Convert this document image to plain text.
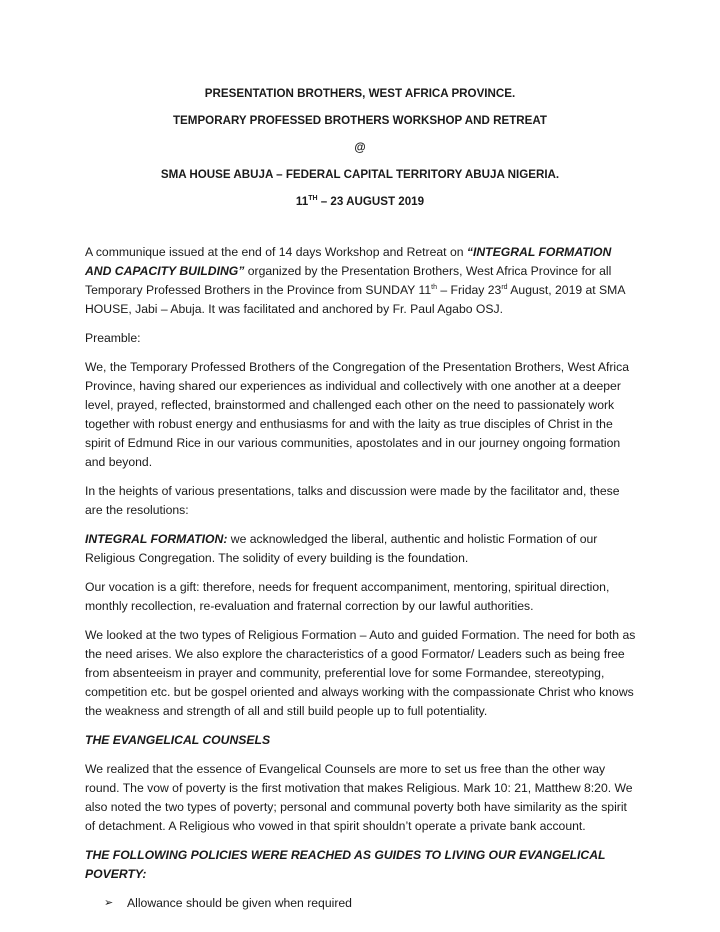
PRESENTATION BROTHERS, WEST AFRICA PROVINCE.
TEMPORARY PROFESSED BROTHERS WORKSHOP AND RETREAT
@
SMA HOUSE ABUJA – FEDERAL CAPITAL TERRITORY ABUJA NIGERIA.
11TH – 23 AUGUST 2019

A communique issued at the end of 14 days Workshop and Retreat on “INTEGRAL FORMATION AND CAPACITY BUILDING” organized by the Presentation Brothers, West Africa Province for all Temporary Professed Brothers in the Province from SUNDAY 11th – Friday 23rd August, 2019 at SMA HOUSE, Jabi – Abuja. It was facilitated and anchored by Fr. Paul Agabo OSJ.

Preamble:

We, the Temporary Professed Brothers of the Congregation of the Presentation Brothers, West Africa Province, having shared our experiences as individual and collectively with one another at a deeper level, prayed, reflected, brainstormed and challenged each other on the need to passionately work together with robust energy and enthusiasms for and with the laity as true disciples of Christ in the spirit of Edmund Rice in our various communities, apostolates and in our journey ongoing formation and beyond.

In the heights of various presentations, talks and discussion were made by the facilitator and, these are the resolutions:

INTEGRAL FORMATION: we acknowledged the liberal, authentic and holistic Formation of our Religious Congregation. The solidity of every building is the foundation.

Our vocation is a gift: therefore, needs for frequent accompaniment, mentoring, spiritual direction, monthly recollection, re-evaluation and fraternal correction by our lawful authorities.

We looked at the two types of Religious Formation – Auto and guided Formation. The need for both as the need arises. We also explore the characteristics of a good Formator/ Leaders such as being free from absenteeism in prayer and community, preferential love for some Formandee, stereotyping, competition etc. but be gospel oriented and always working with the compassionate Christ who knows the weakness and strength of all and still build people up to full potentiality.

THE EVANGELICAL COUNSELS

We realized that the essence of Evangelical Counsels are more to set us free than the other way round. The vow of poverty is the first motivation that makes Religious. Mark 10: 21, Matthew 8:20. We also noted the two types of poverty; personal and communal poverty both have similarity as the spirit of detachment. A Religious who vowed in that spirit shouldn’t operate a private bank account.

THE FOLLOWING POLICIES WERE REACHED AS GUIDES TO LIVING OUR EVANGELICAL POVERTY:

➢ Allowance should be given when required
